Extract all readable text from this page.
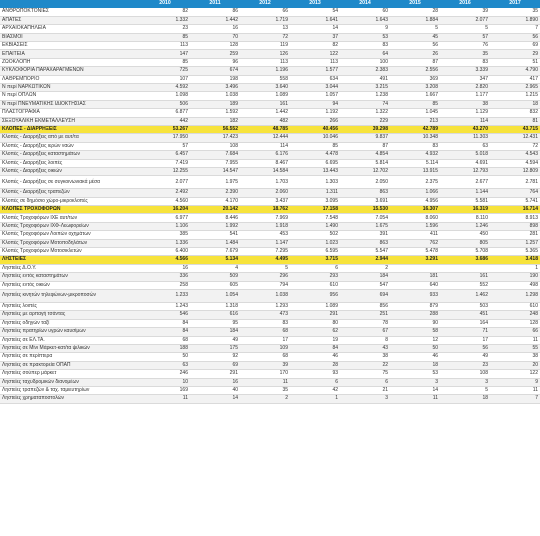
	2010	2011	2012	2013	2014	2015	2016	2017
ΑΝΘΡΩΠΟΚΤΟΝΙΕΣ	82	86	66	54	60	28	39	35
ΑΠΑΤΕΣ	1.332	1.442	1.719	1.641	1.643	1.884	2.077	1.890
ΑΡΧΑΙΟΚΑΠΗΛΕΙΑ	23	16	13	14	9	5	5	7
ΒΙΑΣΜΟΙ	85	70	72	37	53	45	57	56
ΕΚΒΙΑΣΕΙΣ	113	128	119	82	83	56	76	69
ΕΠΑΙΤΕΙΑ	147	259	126	122	64	26	35	29
ΖΩΟΚΛΟΠΗ	85	96	113	113	100	87	83	51
ΚΥΚΛΟΦΟΡΙΑ ΠΑΡΑΧΑΡΑΓΜΕΝΩΝ	725	674	1.196	1.577	2.383	2.556	3.339	4.790
ΛΑΘΡΕΜΠΟΡΙΟ	107	198	558	634	491	369	347	417
Ν περί ΝΑΡΚΩΤΙΚΩΝ	4.592	3.496	3.640	3.044	3.215	3.208	2.820	2.965
Ν περί ΟΠΛΩΝ	1.098	1.038	1.089	1.057	1.238	1.667	1.177	1.215
Ν περί ΠΝΕΥΜΑΤΙΚΗΣ ΙΔΙΟΚΤΗΣΙΑΣ	506	189	161	94	74	85	38	18
ΠΛΑΣΤΟΓΡΑΦΙΑ	6.877	1.592	1.442	1.192	1.322	1.045	1.129	832
ΣΕΞΟΥΑΛΙΚΗ ΕΚΜΕΤΑΛΛΕΥΣΗ	442	182	482	266	229	213	114	81
ΚΛΟΠΕΣ - ΔΙΑΡΡΗΞΕΙΣ	53.267	56.552	48.785	40.456	39.298	42.789	43.270	43.715
Κλοπές - Διαρρήξεις από με αυτ/τα	17.950	17.423	12.444	10.046	9.837	10.348	11.303	12.431
Κλοπές - Διαρρήξεις ιερών ναών	57	108	114	85	87	83	63	72
Κλοπές - Διαρρήξεις καταστημάτων	6.457	7.684	6.176	4.478	4.854	4.932	5.018	4.543
Κλοπές - Διαρρήξεις λοιπές	7.419	7.955	8.467	6.695	5.814	5.114	4.691	4.594
Κλοπές - Διαρρήξεις οικιών	12.255	14.547	14.584	13.443	12.702	13.915	12.793	12.809
Κλοπές - Διαρρήξεις σε συγκοινωνιακά μέσα	2.077	1.975	1.703	1.303	2.050	2.375	2.677	2.781
Κλοπές - Διαρρήξεις τραπεζών	2.492	2.390	2.060	1.311	863	1.066	1.144	764
Κλοπές σε δημόσιο χώρο-μικροκλοπές	4.560	4.170	3.437	3.095	3.691	4.956	5.581	5.741
ΚΛΟΠΕΣ ΤΡΟΧΟΦΟΡΩΝ	16.204	20.142	18.762	17.158	15.530	16.307	16.319	16.714
Κλοπές Τροχοφόρων ΙΧΕ αυτ/των	6.977	8.446	7.969	7.548	7.054	8.060	8.110	8.913
Κλοπές Τροχοφόρων ΙΧΦ-Λεωφορείων	1.106	1.992	1.918	1.490	1.675	1.596	1.246	898
Κλοπές Τροχοφόρων Λοιπών οχημάτων	385	541	453	502	391	411	450	281
Κλοπές Τροχοφόρων Μοτοποδηλάτων	1.336	1.484	1.147	1.023	863	762	805	1.257
Κλοπές Τροχοφόρων Μοτοσικλετών	6.400	7.679	7.295	6.595	5.547	5.478	5.708	5.365
ΛΗΣΤΕΙΕΣ	4.566	5.134	4.495	3.715	2.944	3.291	3.686	3.418
Ληστείες Δ.Ο.Υ.	16	4	5	6	2			1
Ληστείες εντός καταστημάτων	336	509	296	293	184	181	161	190
Ληστείες εντός οικιών	258	605	794	610	547	640	552	498
Ληστείες κινητών τηλεφώνων-μικροποσών	1.233	1.054	1.038	956	694	933	1.462	1.298
Ληστείες λοιπές	1.243	1.318	1.293	1.089	856	879	503	610
Ληστείες με αρπαγή τσάντας	546	616	473	291	251	288	451	248
Ληστείες οδηγών ταξί	84	95	83	80	78	90	164	128
Ληστείες πρατηρίων υγρών καυσίμων	84	184	68	62	67	58	71	66
Ληστείες σε ΕΛ.ΤΑ.	68	49	17	19	8	12	17	11
Ληστείες σε Μίνι Μάρκετ-κατ/τα ψιλικών	188	175	109	84	43	50	56	55
Ληστείες σε περίπτερα	50	92	68	46	38	46	49	38
Ληστείες σε πρακτορεία ΟΠΑΠ	63	69	39	28	22	18	23	20
Ληστείες σούπερ μάρκετ	246	291	170	93	75	53	108	122
Ληστείες ταχυδρομικών διανομέων	10	16	11	6	6	3	3	9
Ληστείες τραπεζών & ταχ. ταμιευτηρίων	169	40	35	42	21	14	5	11
Ληστείες χρηματαποστολών	11	14	2	1	3	11	18	7
